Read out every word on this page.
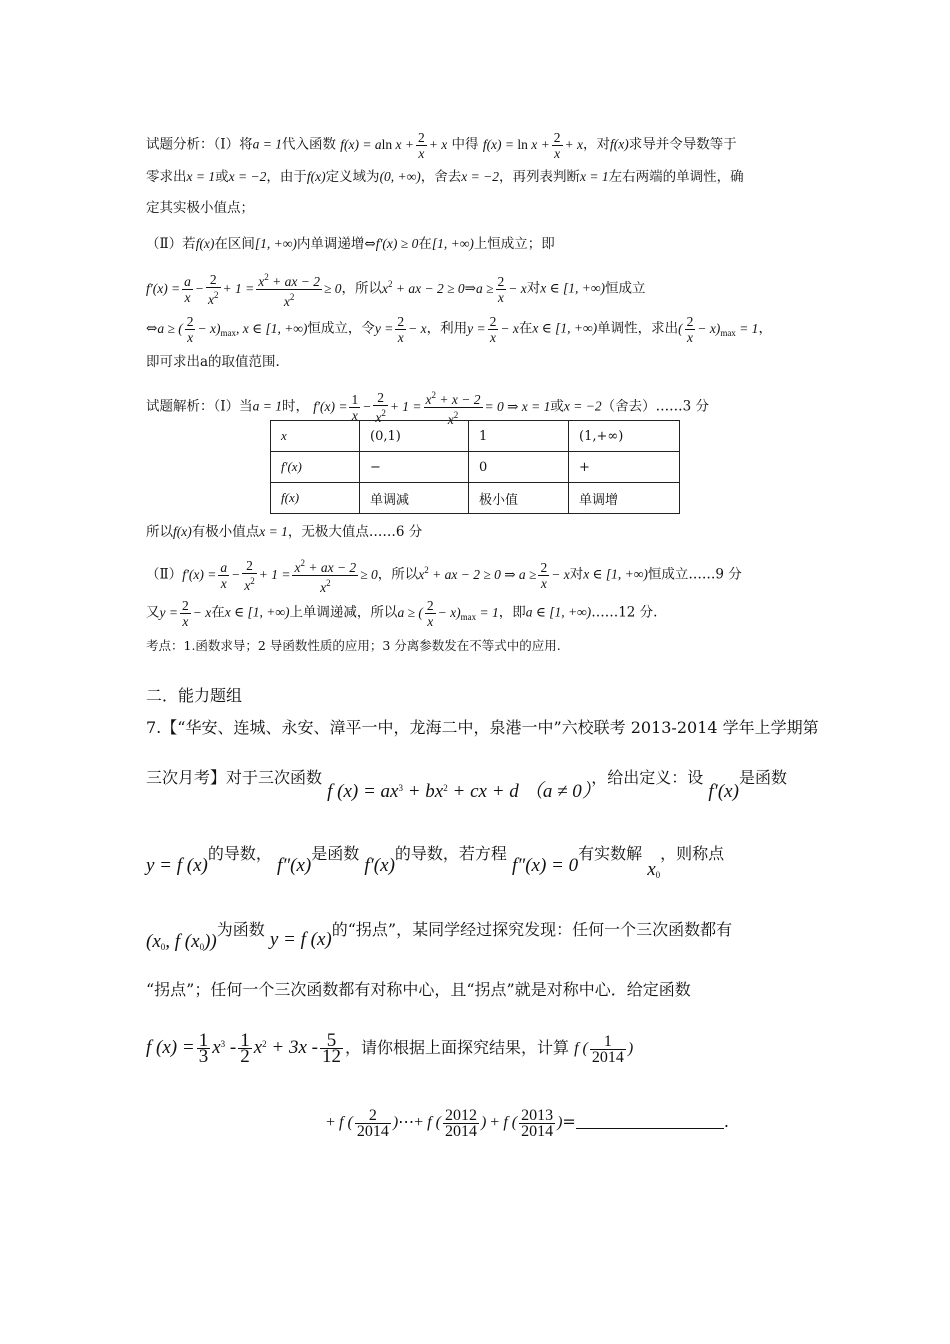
试题分析：（Ⅰ）将a = 1代入函数 f(x) = aln $x + \frac{2}{x} + x$ 中得 $f(x) = \ln x + \frac{2}{x} + x$，对f(x)求导并令导数等于
零求出x = 1或x = −2，由于f(x)定义域为(0, +∞)，舍去x = −2，再列表判断x = 1左右两端的单调性，确
定其实极小值点；
（Ⅱ）若f(x)在区间[1, +∞)内单调递增⇔f′(x) ≥ 0在[1, +∞)上恒成立；即
$f'(x) = \frac{a}{x} - \frac{2}{x^2} + 1 = \frac{x^2 + ax - 2}{x^2} \ge 0$，所以$x^2$ + ax − 2 ≥ 0⇒a ≥ $\frac{2}{x} - x$对x ∈ [1, +∞)恒成立
⇔a ≥ ( $\frac{2}{x} - x)_{max}$, x ∈ [1, +∞)恒成立，令$y = \frac{2}{x} - x$，利用$y = \frac{2}{x} - x$在x ∈ [1, +∞)单调性，求出( $\frac{2}{x} - x)_{max} = 1$，
即可求出a的取值范围.
试题解析：（Ⅰ）当a = 1时， $f'(x) = \frac{1}{x} - \frac{2}{x^2} + 1 = \frac{x^2 + x - 2}{x^2} = 0$ ⇒ x = 1或x = −2（舍去）……3 分
x	(0,1)	1	(1,+∞)
f′(x)	−	0	+
f(x)	单调减	极小值	单调增
所以f(x)有极小值点x = 1，无极大值点……6 分
（Ⅱ）f′(x) = $\frac{a}{x} - \frac{2}{x^2} + 1 = \frac{x^2 + ax - 2}{x^2} \ge 0$，所以$x^2$ + ax − 2 ≥ 0 ⇒ $a \ge \frac{2}{x} - x$对x ∈ [1, +∞)恒成立……9 分
又$y = \frac{2}{x} - x$在x ∈ [1, +∞)上单调递减，所以a ≥ ( $\frac{2}{x} - x)_{max} = 1$，即a ∈ [1, +∞)……12 分.
考点：1.函数求导；2 导函数性质的应用；3 分离参数发在不等式中的应用.
二．能力题组
7.【“华安、连城、永安、漳平一中，龙海二中，泉港一中”六校联考 2013-2014 学年上学期第
三次月考】对于三次函数 f $(x) = ax^3 + bx^2$ + cx + d （a ≠ 0），给出定义：设 f′(x)是函数
y = f (x)的导数， f″(x)是函数 f′(x)的导数，若方程 f″(x) = 0有实数解 $x_0$，则称点
($x_0$, f $(x_0)$)为函数 y = f (x)的“拐点”，某同学经过探究发现：任何一个三次函数都有
“拐点”；任何一个三次函数都有对称中心，且“拐点”就是对称中心．给定函数
f $(x) = \frac{1}{3} x^3 - \frac{1}{2} x^2 + 3x - \frac{5}{12}$ ，请你根据上面探究结果，计算 f ( $\frac{1}{2014}$ )
+ f ( $\frac{2}{2014}$ )⋯+ f ( $\frac{2012}{2014}$ ) + f ( $\frac{2013}{2014}$ )=	.
